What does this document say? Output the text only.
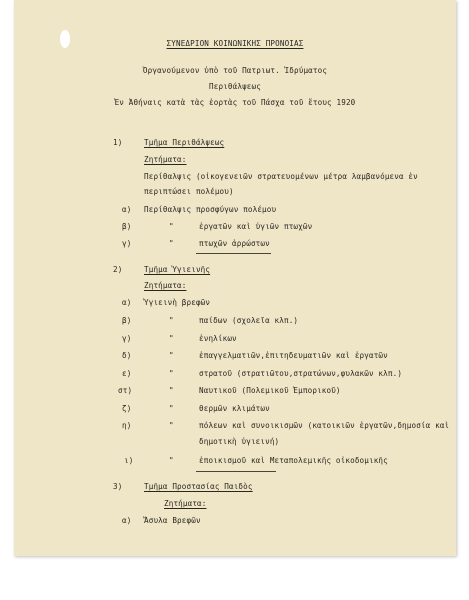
ΣΥΝΕΔΡΙΟΝ ΚΟΙΝΩΝΙΚΗΣ ΠΡΟΝΟΙΑΣ
Ὀργανούμενον ὑπὸ τοῦ Πατριωτ. Ἱδρύματος
Περιθάλψεως
Ἐν Ἀθήναις κατὰ τὰς ἑορτὰς τοῦ Πάσχα τοῦ ἔτους 1920
1)	Τμῆμα Περιθάλψεως
Ζητήματα:
Περίθαλψις (οἰκογενειῶν στρατευομένων μέτρα λαμβανόμενα ἐν
περιπτώσει πολέμου)
α) Περίθαλψις προσφύγων πολέμου
β)	"	ἐργατῶν καὶ ὑγιῶν πτωχῶν
γ)	"	πτωχῶν ἀρρώστων
2)	Τμῆμα Ὑγιεινῆς
Ζητήματα:
α) Ὑγιεινὴ βρεφῶν
β)	"	παίδων (σχολεῖα κλπ.)
γ)	"	ἐνηλίκων
δ)	"	ἐπαγγελματιῶν,ἐπιτηδευματιῶν καὶ ἐργατῶν
ε)	"	στρατοῦ (στρατιῶτου,στρατώνων,φυλακῶν κλπ.)
στ)	"	Ναυτικοῦ (Πολεμικοῦ Ἐμπορικοῦ)
ζ)	"	θερμῶν κλιμάτων
η)	"	πόλεων καὶ συνοικισμῶν (κατοικιῶν ἐργατῶν,δημοσία καὶ
δημοτικὴ ὑγιεινή)
ι)	"	ἐποικισμοῦ καὶ Μεταπολεμικῆς οἰκοδομικῆς
3)	Τμῆμα Προστασίας Παιδὸς
Ζητήματα:
α) Ἄσυλα Βρεφῶν
